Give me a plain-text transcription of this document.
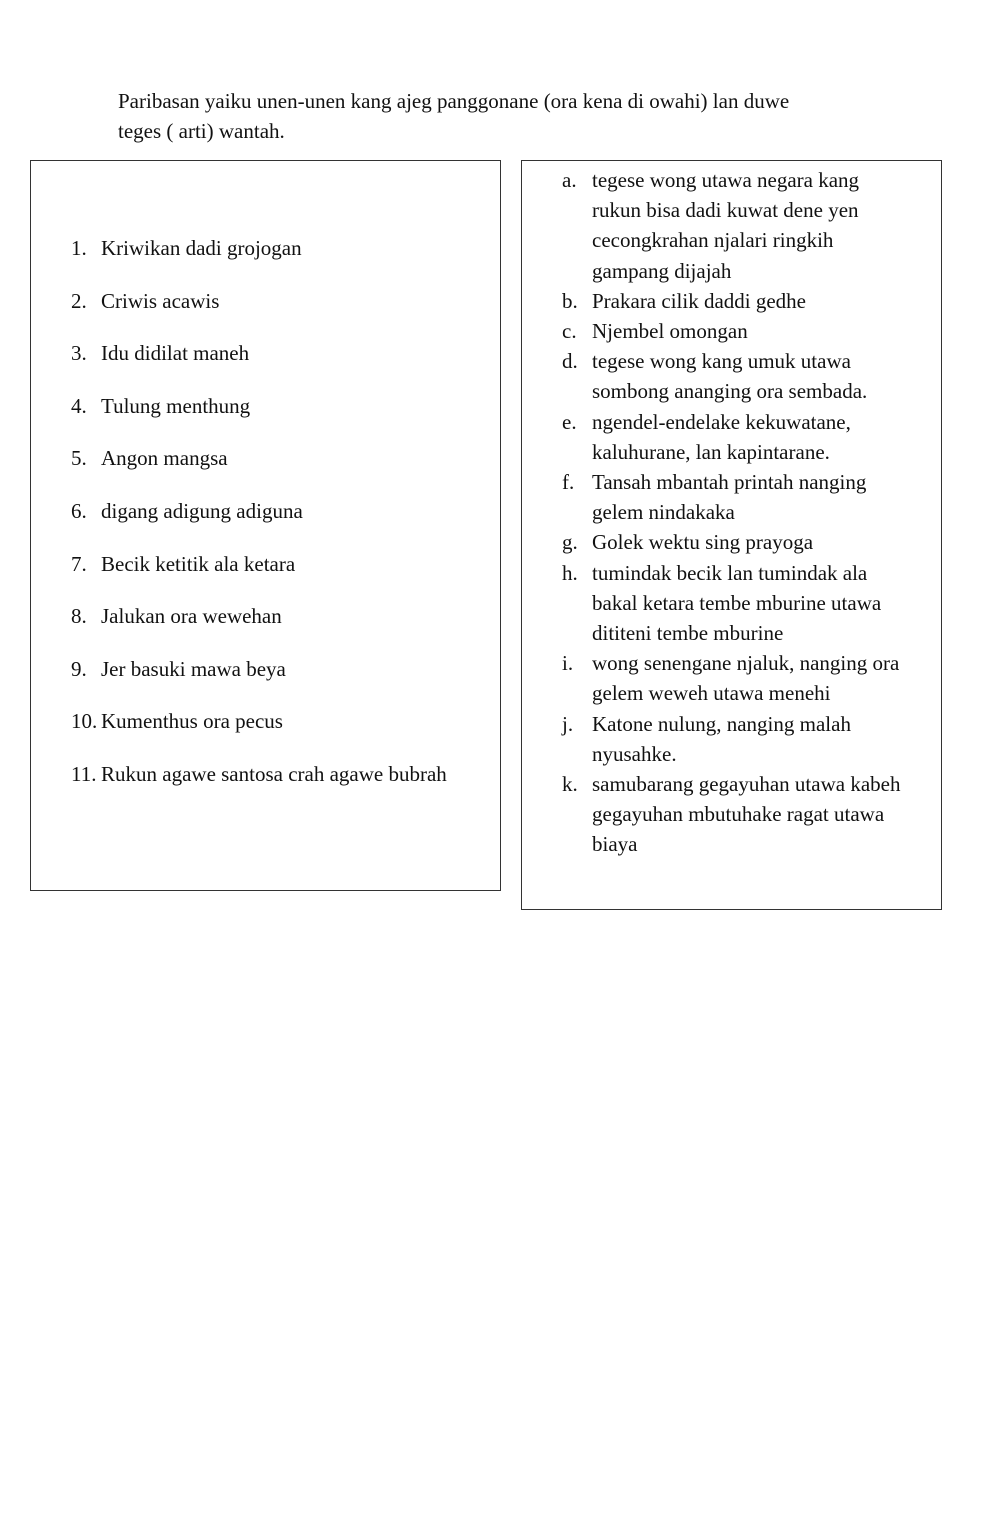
Paribasan yaiku unen-unen kang ajeg panggonane (ora kena di owahi) lan duwe
teges ( arti) wantah.

1. Kriwikan dadi grojogan
2. Criwis acawis
3. Idu didilat maneh
4. Tulung menthung
5. Angon mangsa
6. digang adigung adiguna
7. Becik ketitik ala ketara
8. Jalukan ora wewehan
9. Jer basuki mawa beya
10. Kumenthus ora pecus
11. Rukun agawe santosa crah agawe bubrah
a. tegese wong utawa negara kang
rukun bisa dadi kuwat dene yen
cecongkrahan njalari ringkih
gampang dijajah
b. Prakara cilik daddi gedhe
c. Njembel omongan
d. tegese wong kang umuk utawa
sombong ananging ora sembada.
e. ngendel-endelake kekuwatane,
kaluhurane, lan kapintarane.
f. Tansah mbantah printah nanging
gelem nindakaka
g. Golek wektu sing prayoga
h. tumindak becik lan tumindak ala
bakal ketara tembe mburine utawa
dititeni tembe mburine
i. wong senengane njaluk, nanging ora
gelem weweh utawa menehi
j. Katone nulung, nanging malah
nyusahke.
k. samubarang gegayuhan utawa kabeh
gegayuhan mbutuhake ragat utawa
biaya
